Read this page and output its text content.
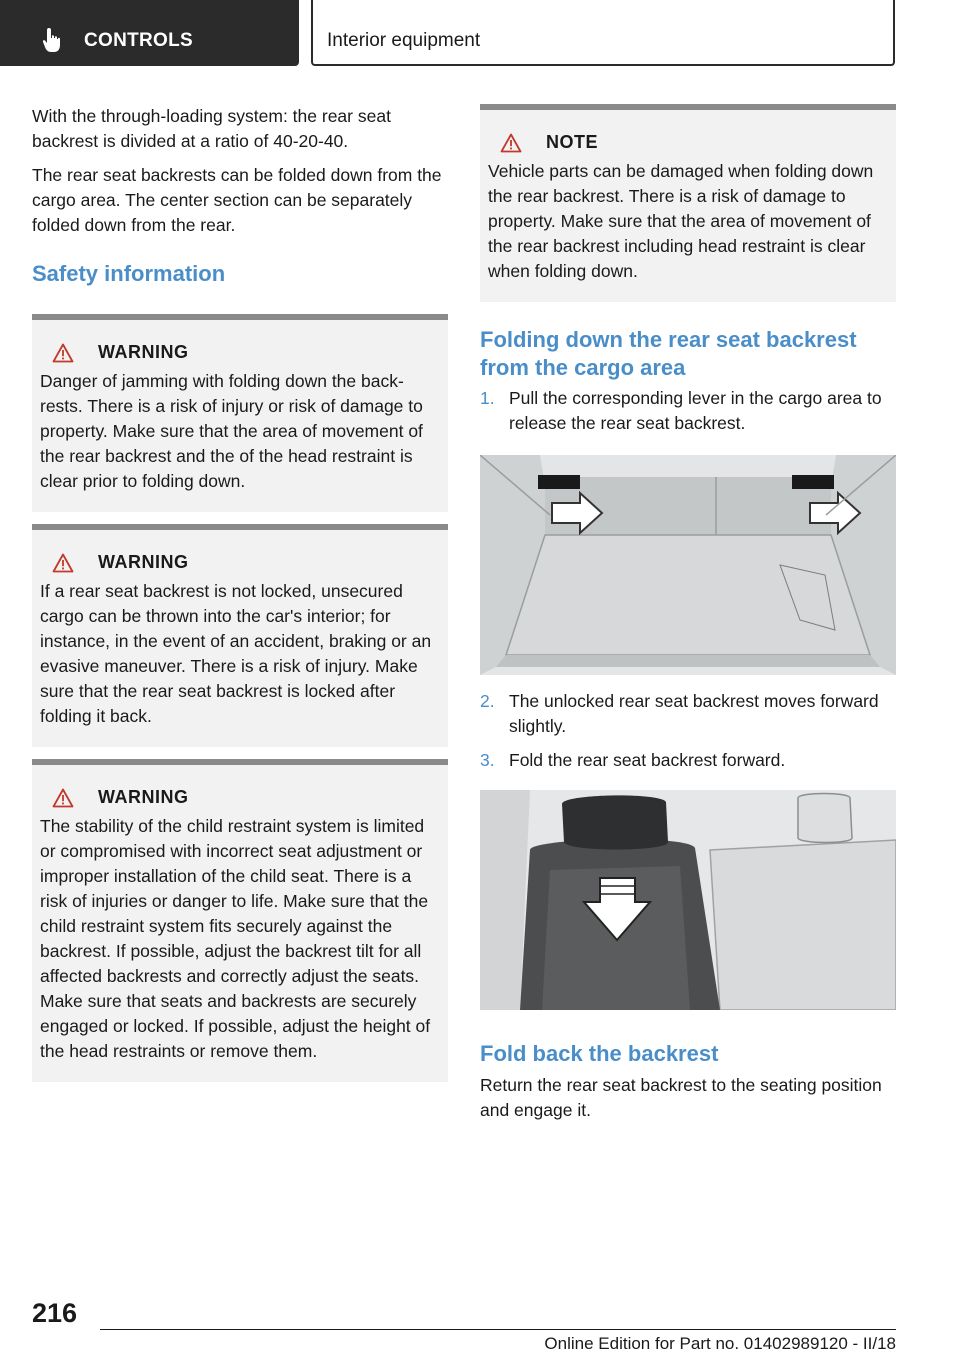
CONTROLS	Interior equipment

With the through-loading system: the rear seat backrest is divided at a ratio of 40-20-40.

The rear seat backrests can be folded down from the cargo area. The center section can be separately folded down from the rear.

Safety information
WARNING
Danger of jamming with folding down the backrests. There is a risk of injury or risk of damage to property. Make sure that the area of movement of the rear backrest and the of the head restraint is clear prior to folding down.
WARNING
If a rear seat backrest is not locked, unsecured cargo can be thrown into the car's interior; for instance, in the event of an accident, braking or an evasive maneuver. There is a risk of injury. Make sure that the rear seat backrest is locked after folding it back.
WARNING
The stability of the child restraint system is limited or compromised with incorrect seat adjustment or improper installation of the child seat. There is a risk of injuries or danger to life. Make sure that the child restraint system fits securely against the backrest. If possible, adjust the backrest tilt for all affected backrests and correctly adjust the seats. Make sure that seats and backrests are securely engaged or locked. If possible, adjust the height of the head restraints or remove them.
NOTE
Vehicle parts can be damaged when folding down the rear backrest. There is a risk of damage to property. Make sure that the area of movement of the rear backrest including head restraint is clear when folding down.
Folding down the rear seat backrest from the cargo area
1. Pull the corresponding lever in the cargo area to release the rear seat backrest.
2. The unlocked rear seat backrest moves forward slightly.
3. Fold the rear seat backrest forward.
Fold back the backrest

Return the rear seat backrest to the seating position and engage it.

216
Online Edition for Part no. 01402989120 - II/18
